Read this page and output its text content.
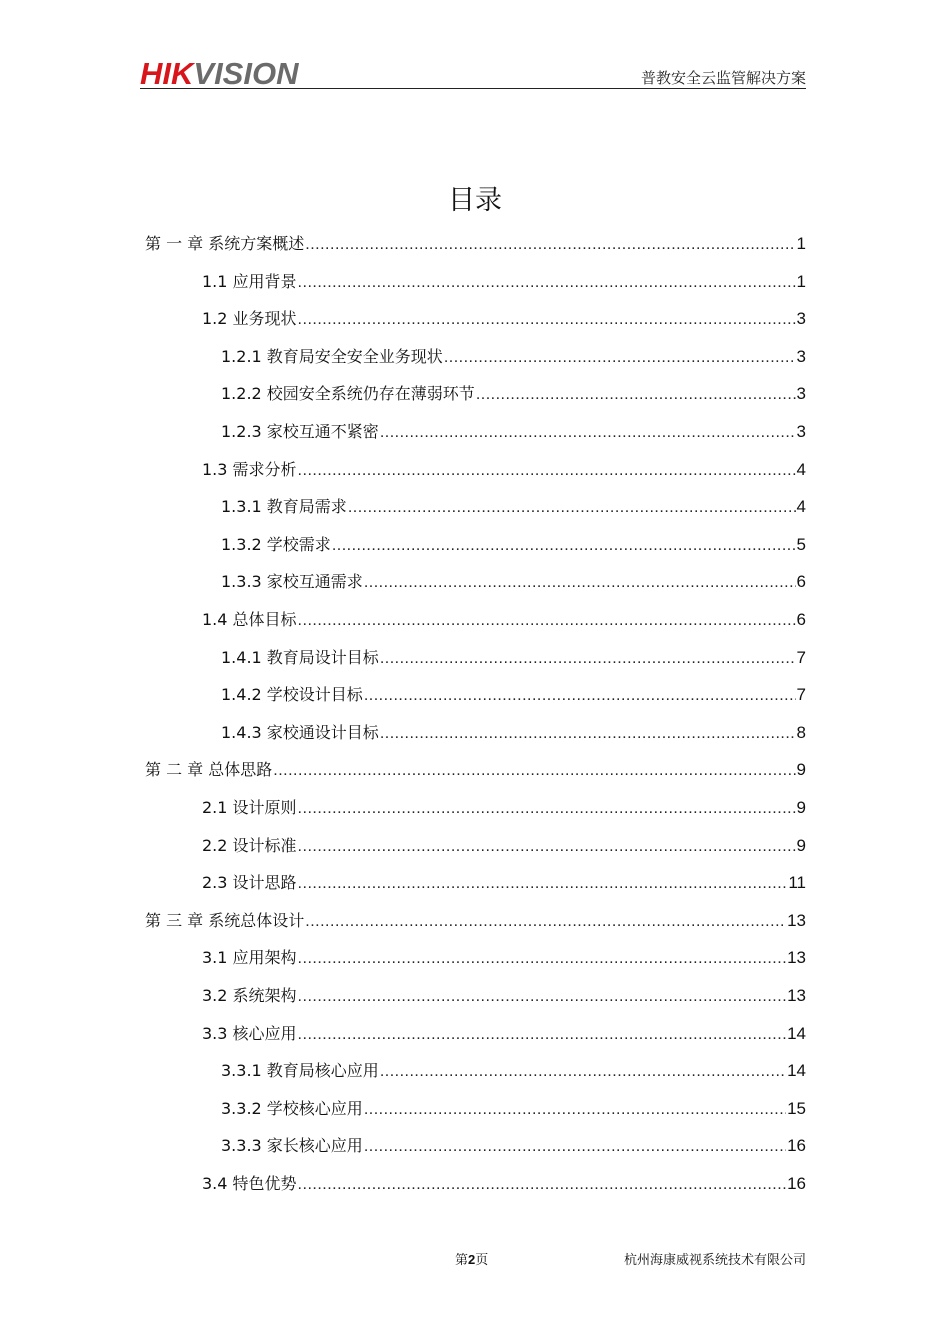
HIKVISION	普教安全云监管解决方案
目录
第 一 章 系统方案概述 .....	1
1.1 应用背景 .....	1
1.2 业务现状 .....	3
1.2.1 教育局安全安全业务现状 .....	3
1.2.2 校园安全系统仍存在薄弱环节 .....	3
1.2.3 家校互通不紧密 .....	3
1.3 需求分析 .....	4
1.3.1 教育局需求 .....	4
1.3.2 学校需求 .....	5
1.3.3 家校互通需求 .....	6
1.4 总体目标 .....	6
1.4.1 教育局设计目标 .....	7
1.4.2 学校设计目标 .....	7
1.4.3 家校通设计目标 .....	8
第 二 章 总体思路 .....	9
2.1 设计原则 .....	9
2.2 设计标准 .....	9
2.3 设计思路 .....	11
第 三 章 系统总体设计 .....	13
3.1 应用架构 .....	13
3.2 系统架构 .....	13
3.3 核心应用 .....	14
3.3.1 教育局核心应用 .....	14
3.3.2 学校核心应用 .....	15
3.3.3 家长核心应用 .....	16
3.4 特色优势 .....	16
第2页	杭州海康威视系统技术有限公司
